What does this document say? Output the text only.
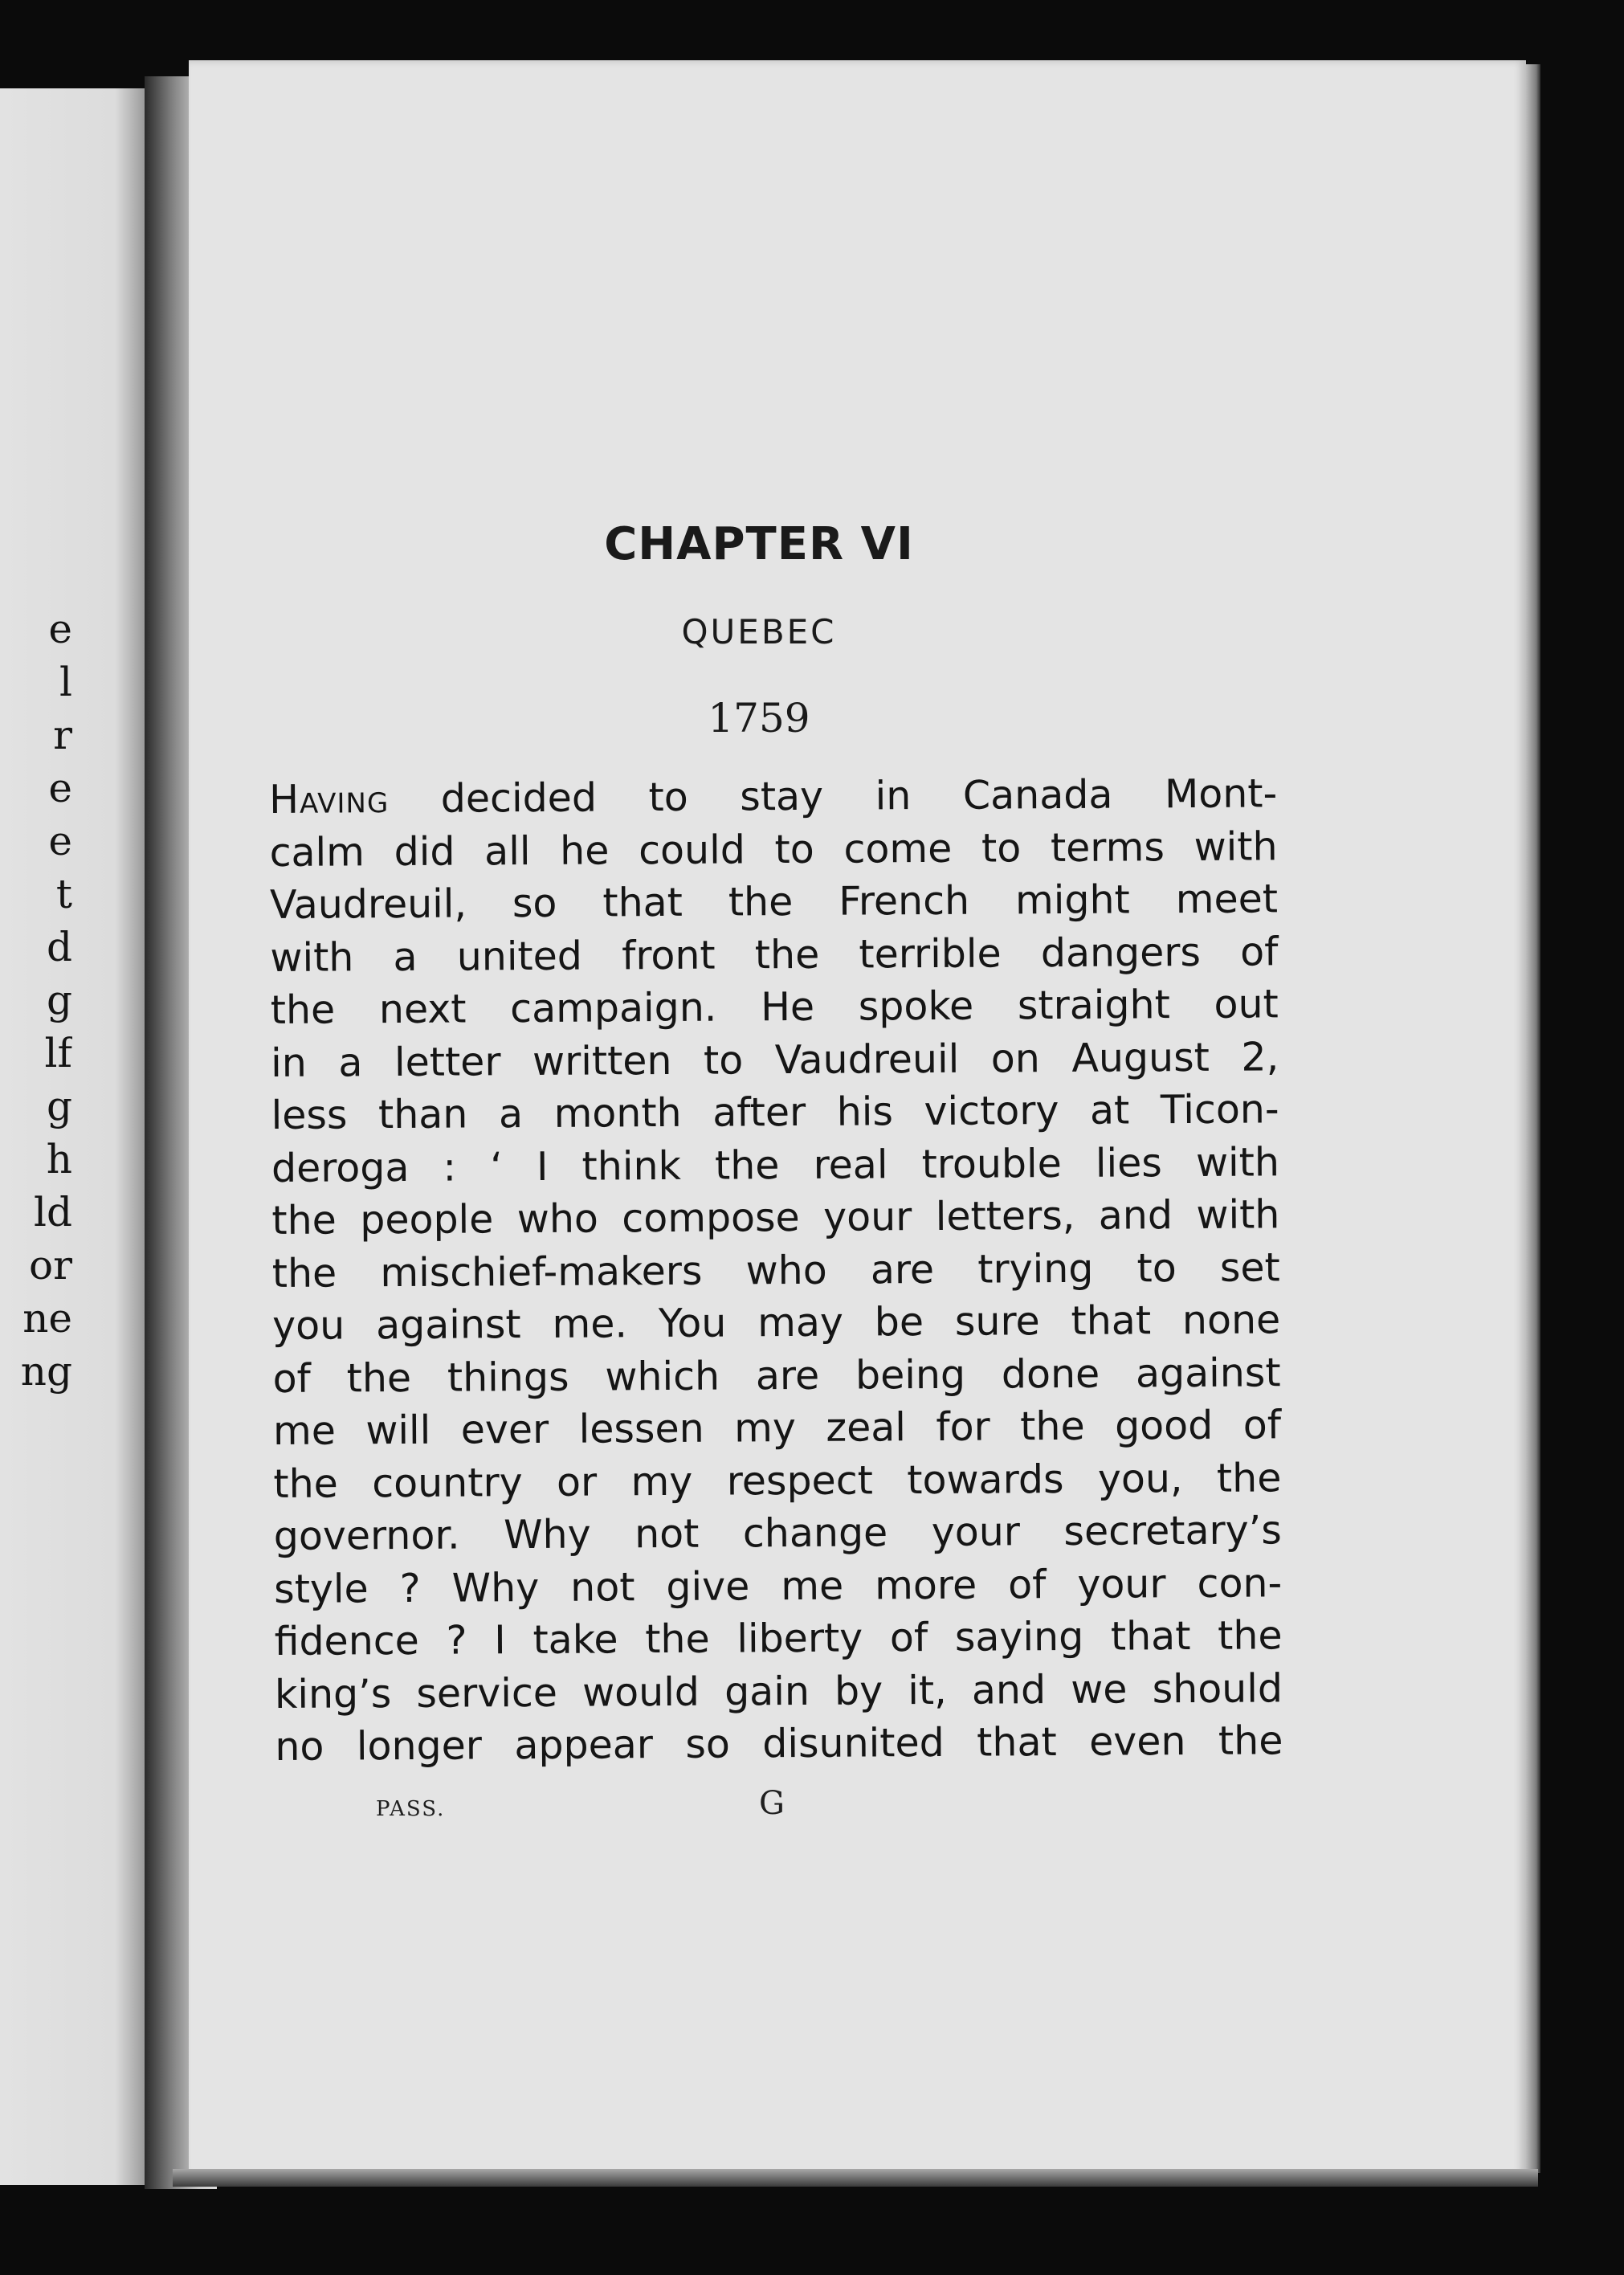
e
l
r
e
e
t
d
g
lf
g
h
ld
or
ne
ng
CHAPTER VI
QUEBEC
1759
Having decided to stay in Canada Mont-
calm did all he could to come to terms with
Vaudreuil, so that the French might meet
with a united front the terrible dangers of
the next campaign. He spoke straight out
in a letter written to Vaudreuil on August 2,
less than a month after his victory at Ticon-
deroga : ‘ I think the real trouble lies with
the people who compose your letters, and with
the mischief-makers who are trying to set
you against me. You may be sure that none
of the things which are being done against
me will ever lessen my zeal for the good of
the country or my respect towards you, the
governor. Why not change your secretary’s
style ? Why not give me more of your con-
fidence ? I take the liberty of saying that the
king’s service would gain by it, and we should
no longer appear so disunited that even the
PASS.	G
